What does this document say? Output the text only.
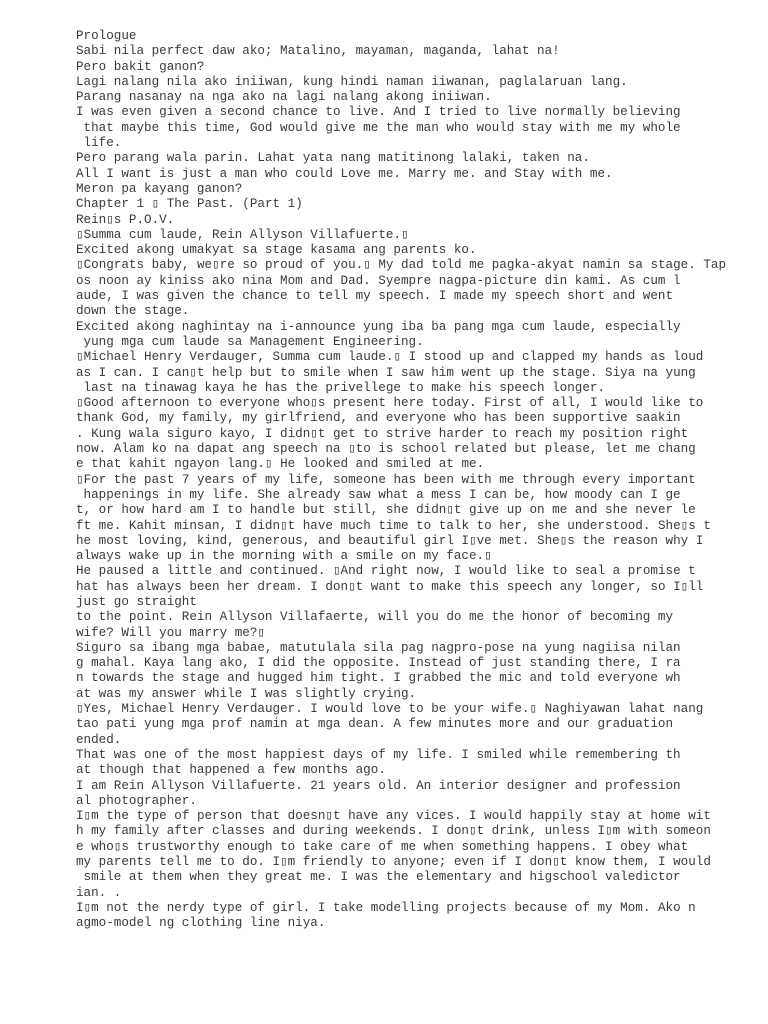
Prologue
Sabi nila perfect daw ako; Matalino, mayaman, maganda, lahat na!
Pero bakit ganon?
Lagi nalang nila ako iniiwan, kung hindi naman iiwanan, paglalaruan lang.
Parang nasanay na nga ako na lagi nalang akong iniiwan.
I was even given a second chance to live. And I tried to live normally believing
that maybe this time, God would give me the man who would stay with me my whole
life.
Pero parang wala parin. Lahat yata nang matitinong lalaki, taken na.
All I want is just a man who could Love me. Marry me. and Stay with me.
Meron pa kayang ganon?
Chapter 1 ▯ The Past. (Part 1)
Rein▯s P.O.V.
▯Summa cum laude, Rein Allyson Villafuerte.▯
Excited akong umakyat sa stage kasama ang parents ko.
▯Congrats baby, we▯re so proud of you.▯ My dad told me pagka-akyat namin sa stage. Tap
os noon ay kiniss ako nina Mom and Dad. Syempre nagpa-picture din kami. As cum l
aude, I was given the chance to tell my speech. I made my speech short and went
down the stage.
Excited akong naghintay na i-announce yung iba ba pang mga cum laude, especially
yung mga cum laude sa Management Engineering.
▯Michael Henry Verdauger, Summa cum laude.▯ I stood up and clapped my hands as loud
as I can. I can▯t help but to smile when I saw him went up the stage. Siya na yung
last na tinawag kaya he has the privellege to make his speech longer.
▯Good afternoon to everyone who▯s present here today. First of all, I would like to
thank God, my family, my girlfriend, and everyone who has been supportive saakin
. Kung wala siguro kayo, I didn▯t get to strive harder to reach my position right
now. Alam ko na dapat ang speech na ▯to is school related but please, let me chang
e that kahit ngayon lang.▯ He looked and smiled at me.
▯For the past 7 years of my life, someone has been with me through every important
happenings in my life. She already saw what a mess I can be, how moody can I ge
t, or how hard am I to handle but still, she didn▯t give up on me and she never le
ft me. Kahit minsan, I didn▯t have much time to talk to her, she understood. She▯s t
he most loving, kind, generous, and beautiful girl I▯ve met. She▯s the reason why I
always wake up in the morning with a smile on my face.▯
He paused a little and continued. ▯And right now, I would like to seal a promise t
hat has always been her dream. I don▯t want to make this speech any longer, so I▯ll
just go straight
to the point. Rein Allyson Villafaerte, will you do me the honor of becoming my
wife? Will you marry me?▯
Siguro sa ibang mga babae, matutulala sila pag nagpro-pose na yung nagiisa nilan
g mahal. Kaya lang ako, I did the opposite. Instead of just standing there, I ra
n towards the stage and hugged him tight. I grabbed the mic and told everyone wh
at was my answer while I was slightly crying.
▯Yes, Michael Henry Verdauger. I would love to be your wife.▯ Naghiyawan lahat nang
tao pati yung mga prof namin at mga dean. A few minutes more and our graduation
ended.
That was one of the most happiest days of my life. I smiled while remembering th
at though that happened a few months ago.
I am Rein Allyson Villafuerte. 21 years old. An interior designer and profession
al photographer.
I▯m the type of person that doesn▯t have any vices. I would happily stay at home wit
h my family after classes and during weekends. I don▯t drink, unless I▯m with someon
e who▯s trustworthy enough to take care of me when something happens. I obey what
my parents tell me to do. I▯m friendly to anyone; even if I don▯t know them, I would
smile at them when they great me. I was the elementary and higschool valedictor
ian. .
I▯m not the nerdy type of girl. I take modelling projects because of my Mom. Ako n
agmo-model ng clothing line niya.
